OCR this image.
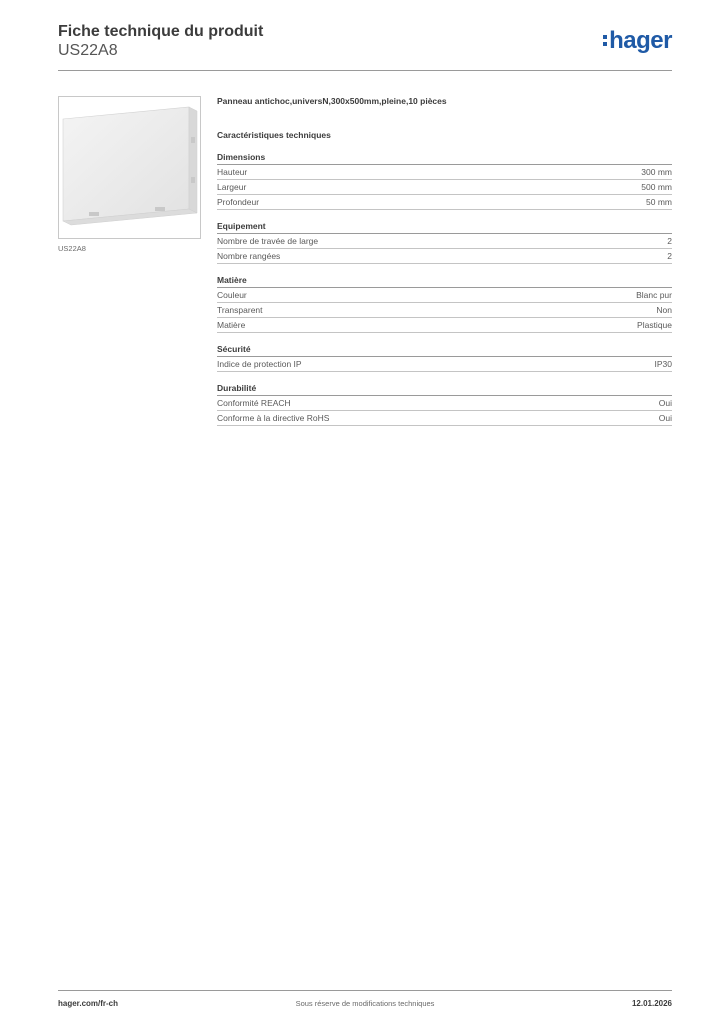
Fiche technique du produit
US22A8	hager
US22A8
Panneau antichoc,universN,300x500mm,pleine,10 pièces
Caractéristiques techniques
Dimensions
Hauteur	300 mm
Largeur	500 mm
Profondeur	50 mm
Equipement
Nombre de travée de large	2
Nombre rangées	2
Matière
Couleur	Blanc pur
Transparent	Non
Matière	Plastique
Sécurité
Indice de protection IP	IP30
Durabilité
Conformité REACH	Oui
Conforme à la directive RoHS	Oui
hager.com/fr-ch	Sous réserve de modifications techniques	12.01.2026
